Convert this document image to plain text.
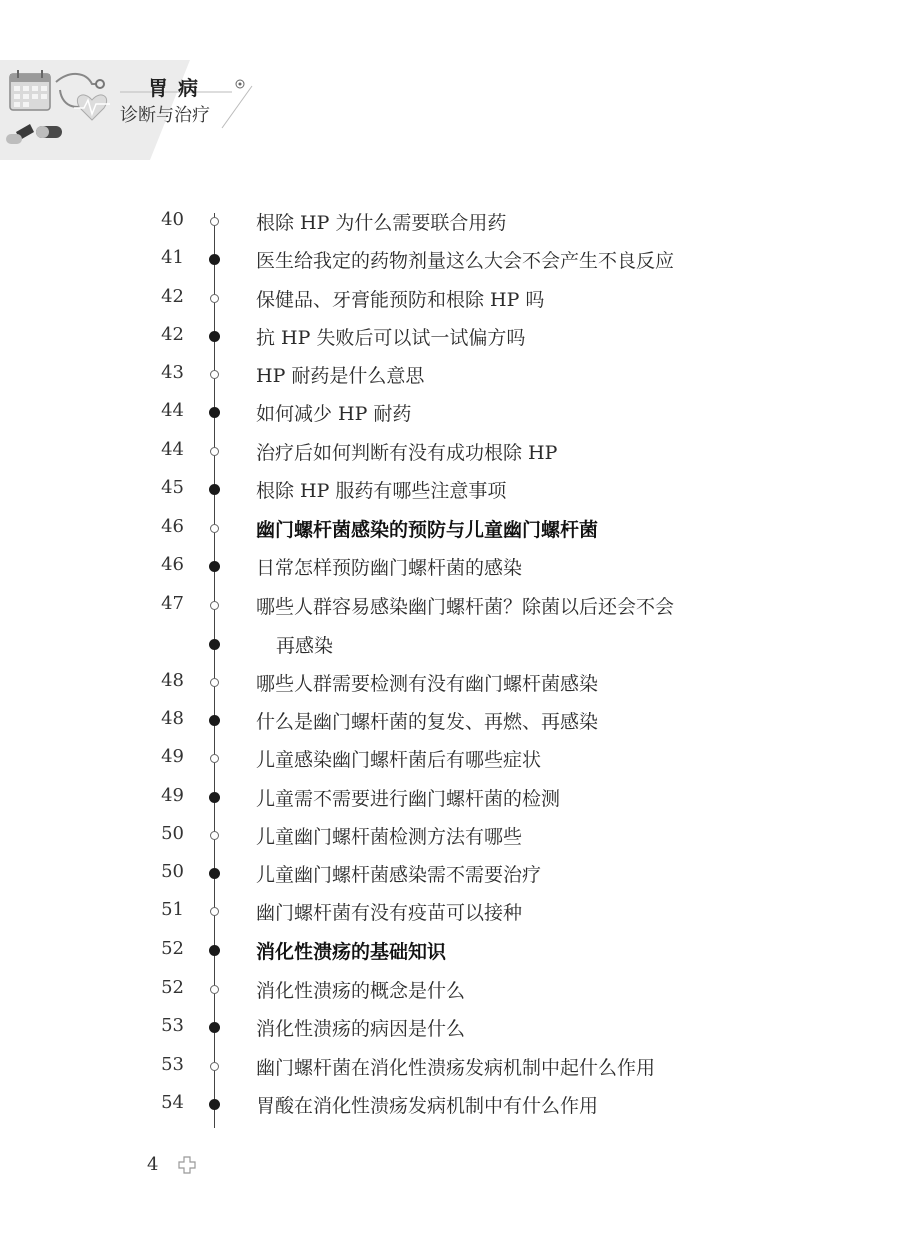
胃病
诊断与治疗
40	根除 HP 为什么需要联合用药
41	医生给我定的药物剂量这么大会不会产生不良反应
42	保健品、牙膏能预防和根除 HP 吗
42	抗 HP 失败后可以试一试偏方吗
43	HP 耐药是什么意思
44	如何减少 HP 耐药
44	治疗后如何判断有没有成功根除 HP
45	根除 HP 服药有哪些注意事项
46	幽门螺杆菌感染的预防与儿童幽门螺杆菌
46	日常怎样预防幽门螺杆菌的感染
47	哪些人群容易感染幽门螺杆菌？除菌以后还会不会
再感染
48	哪些人群需要检测有没有幽门螺杆菌感染
48	什么是幽门螺杆菌的复发、再燃、再感染
49	儿童感染幽门螺杆菌后有哪些症状
49	儿童需不需要进行幽门螺杆菌的检测
50	儿童幽门螺杆菌检测方法有哪些
50	儿童幽门螺杆菌感染需不需要治疗
51	幽门螺杆菌有没有疫苗可以接种
52	消化性溃疡的基础知识
52	消化性溃疡的概念是什么
53	消化性溃疡的病因是什么
53	幽门螺杆菌在消化性溃疡发病机制中起什么作用
54	胃酸在消化性溃疡发病机制中有什么作用
4
